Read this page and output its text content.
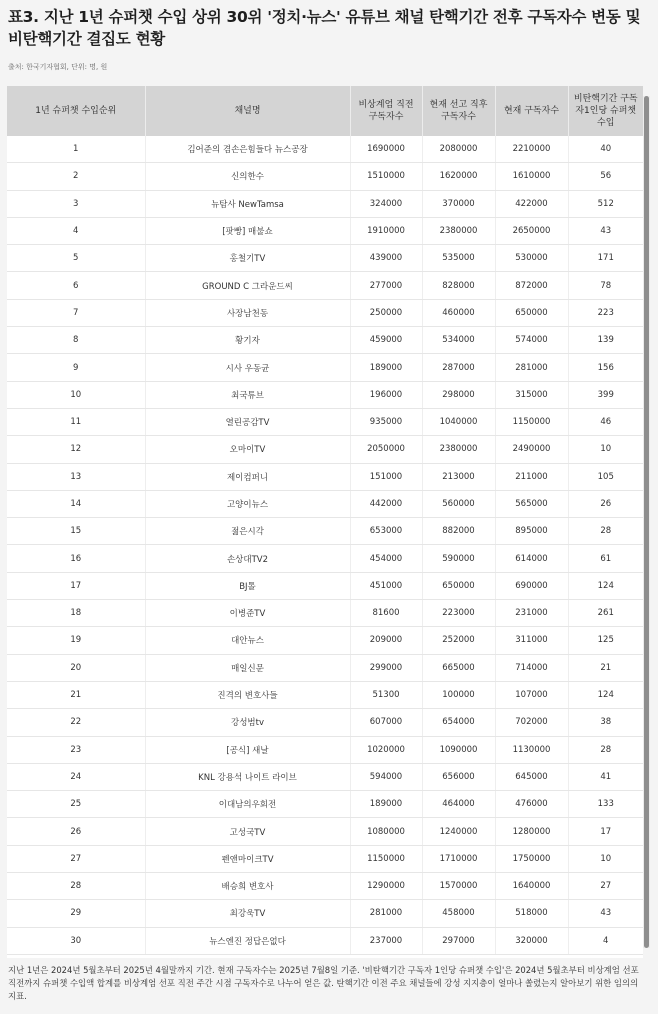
표3. 지난 1년 슈퍼챗 수입 상위 30위 '정치·뉴스' 유튜브 채널 탄핵기간 전후 구독자수 변동 및 비탄핵기간 결집도 현황
출처: 한국기자협회, 단위: 명, 원
1년 슈퍼챗 수입순위	채널명	비상계엄 직전 구독자수	현재 선고 직후구독자수	현재 구독자수	비탄핵기간 구독자1인당 슈퍼챗 수입
1	김어준의 겸손은힘들다 뉴스공장	1690000	2080000	2210000	40
2	신의한수	1510000	1620000	1610000	56
3	뉴탐사 NewTamsa	324000	370000	422000	512
4	[팟빵] 매불쇼	1910000	2380000	2650000	43
5	홍철기TV	439000	535000	530000	171
6	GROUND C 그라운드씨	277000	828000	872000	78
7	사장남천동	250000	460000	650000	223
8	황기자	459000	534000	574000	139
9	시사 우동균	189000	287000	281000	156
10	최국튜브	196000	298000	315000	399
11	열린공감TV	935000	1040000	1150000	46
12	오마이TV	2050000	2380000	2490000	10
13	제이컴퍼니	151000	213000	211000	105
14	고양이뉴스	442000	560000	565000	26
15	젊은시각	653000	882000	895000	28
16	손상대TV2	454000	590000	614000	61
17	BJ톨	451000	650000	690000	124
18	이병준TV	81600	223000	231000	261
19	대안뉴스	209000	252000	311000	125
20	매일신문	299000	665000	714000	21
21	진격의 변호사들	51300	100000	107000	124
22	강성범tv	607000	654000	702000	38
23	[공식] 새날	1020000	1090000	1130000	28
24	KNL 강용석 나이트 라이브	594000	656000	645000	41
25	이대남의우회전	189000	464000	476000	133
26	고성국TV	1080000	1240000	1280000	17
27	펜앤마이크TV	1150000	1710000	1750000	10
28	배승희 변호사	1290000	1570000	1640000	27
29	최강욱TV	281000	458000	518000	43
30	뉴스엔진 정답은없다	237000	297000	320000	4
지난 1년은 2024년 5월초부터 2025년 4월말까지 기간. 현재 구독자수는 2025년 7월8일 기준. '비탄핵기간 구독자 1인당 슈퍼챗 수입'은 2024년 5월초부터 비상계엄 선포 직전까지 슈퍼챗 수입액 합계를 비상계엄 선포 직전 주간 시점 구독자수로 나누어 얻은 값. 탄핵기간 이전 주요 채널들에 강성 지지층이 얼마나 쏠렸는지 알아보기 위한 임의의 지표.
